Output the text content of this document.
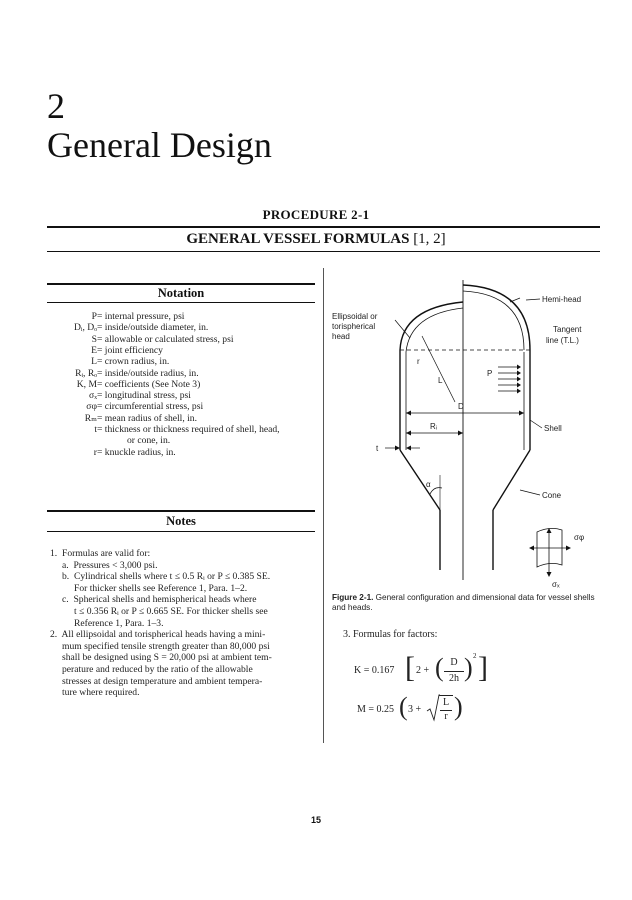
2
General Design
PROCEDURE 2-1
GENERAL VESSEL FORMULAS [1, 2]
Notation
P= internal pressure, psi
Dᵢ, Dₒ= inside/outside diameter, in.
S= allowable or calculated stress, psi
E= joint efficiency
L= crown radius, in.
Rᵢ, Rₒ= inside/outside radius, in.
K, M= coefficients (See Note 3)
σₓ= longitudinal stress, psi
σφ= circumferential stress, psi
Rₘ= mean radius of shell, in.
t= thickness or thickness required of shell, head,
or cone, in.
r= knuckle radius, in.
Notes
1.  Formulas are valid for:
a.  Pressures < 3,000 psi.
b.  Cylindrical shells where t ≤ 0.5 Rᵢ or P ≤ 0.385 SE.
For thicker shells see Reference 1, Para. 1–2.
c.  Spherical shells and hemispherical heads where
t ≤ 0.356 Rᵢ or P ≤ 0.665 SE. For thicker shells see
Reference 1, Para. 1–3.
2.  All ellipsoidal and torispherical heads having a mini-
mum specified tensile strength greater than 80,000 psi
shall be designed using S = 20,000 psi at ambient tem-
perature and reduced by the ratio of the allowable
stresses at design temperature and ambient tempera-
ture where required.
Ellipsoidal or
torispherical
head
Hemi-head
Tangent
line (T.L.)
Shell
Cone
r
L
P
D
Rᵢ
t
α
σφ
σₓ
Figure 2-1. General configuration and dimensional data for vessel shells and heads.
3. Formulas for factors:
K = 0.167 [ 2 + ( D
2h ) 2 ]
M = 0.25 ( 3 +
L
r )
15
